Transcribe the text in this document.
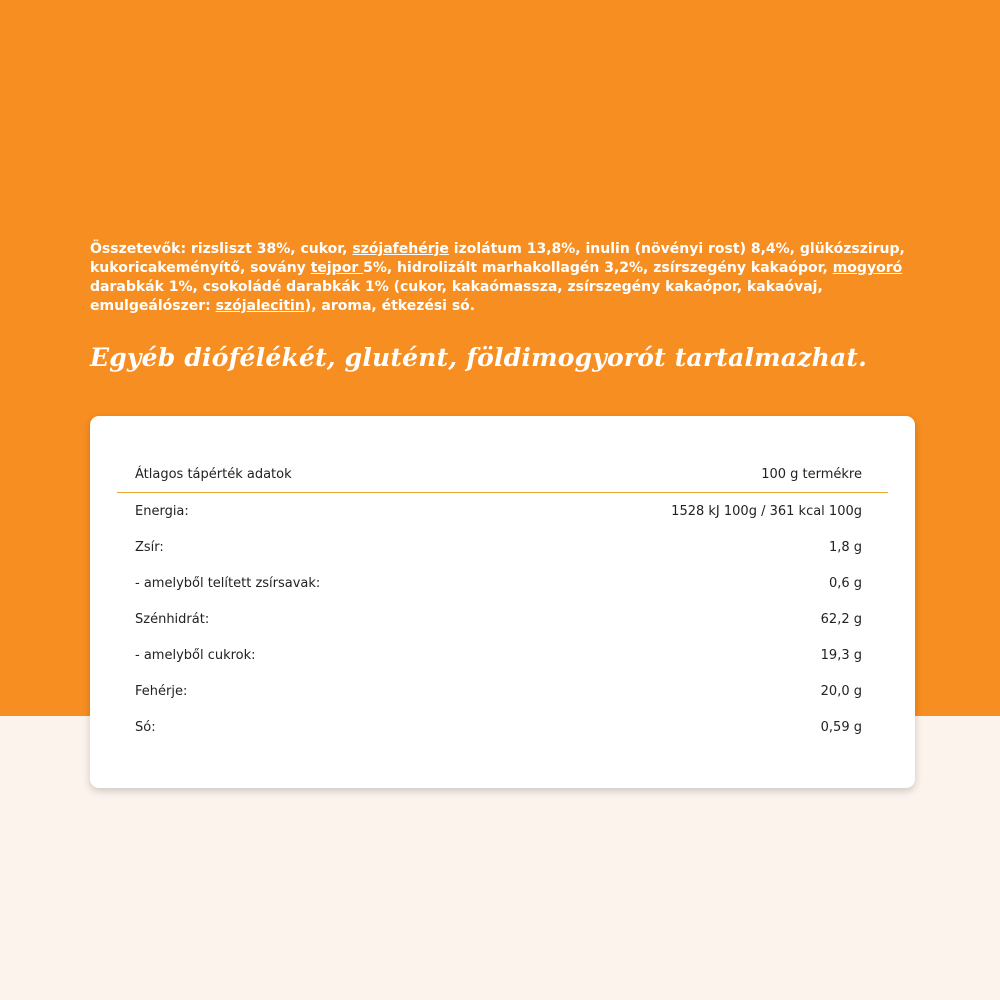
Összetevők: rizsliszt 38%, cukor, szójafehérje izolátum 13,8%, inulin (növényi rost) 8,4%, glükózszirup, kukoricakeményítő, sovány tejpor 5%, hidrolizált marhakollagén 3,2%, zsírszegény kakaópor, mogyoró darabkák 1%, csokoládé darabkák 1% (cukor, kakaómassza, zsírszegény kakaópor, kakaóvaj, emulgeálószer: szójalecitin), aroma, étkezési só.

Egyéb diófélékét, glutént, földimogyorót tartalmazhat.

Átlagos tápérték adatok	100 g termékre
Energia:	1528 kJ 100g / 361 kcal 100g
Zsír:	1,8 g
- amelyből telített zsírsavak:	0,6 g
Szénhidrát:	62,2 g
- amelyből cukrok:	19,3 g
Fehérje:	20,0 g
Só:	0,59 g
